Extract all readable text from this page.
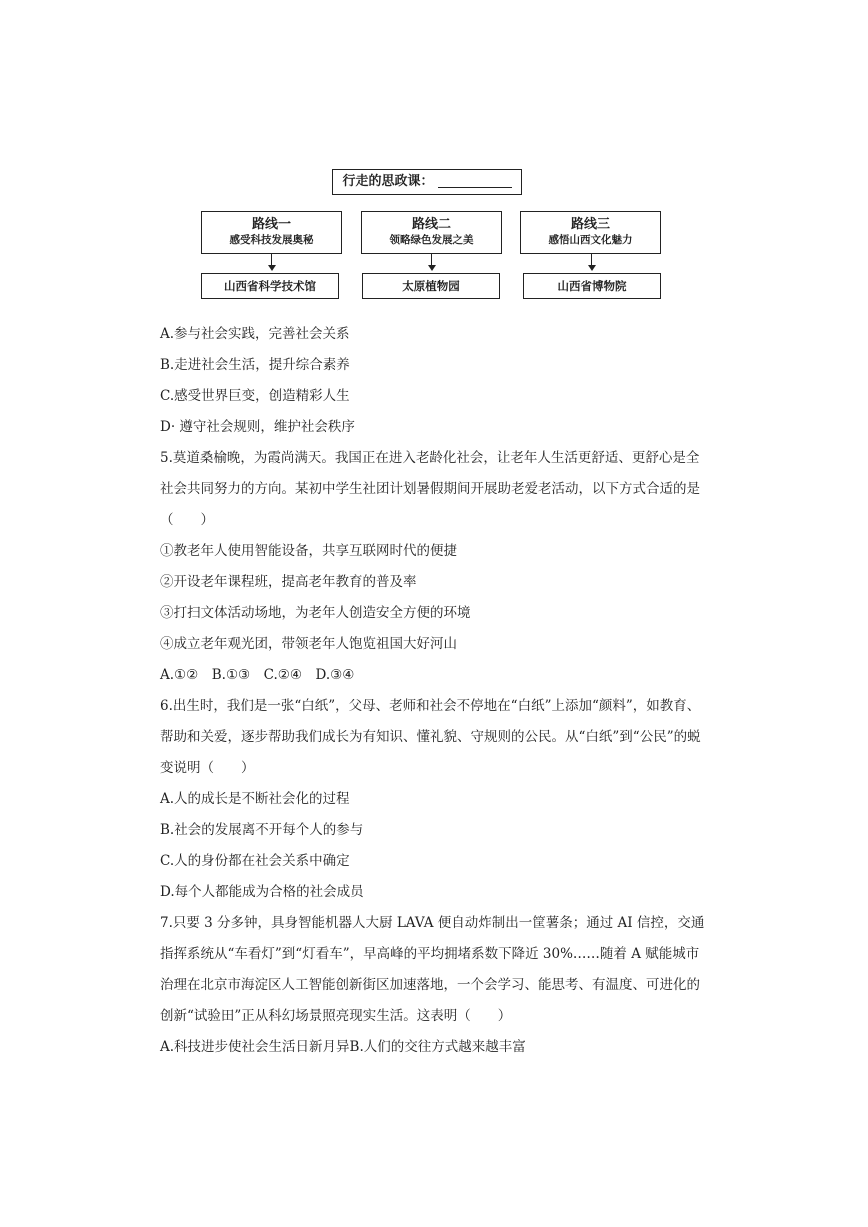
行走的思政课：
路线一
感受科技发展奥秘
路线二
领略绿色发展之美
路线三
感悟山西文化魅力
山西省科学技术馆	太原植物园	山西省博物院
A.参与社会实践，完善社会关系
B.走进社会生活，提升综合素养
C.感受世界巨变，创造精彩人生
D· 遵守社会规则，维护社会秩序
5.莫道桑榆晚，为霞尚满天。我国正在进入老龄化社会，让老年人生活更舒适、更舒心是全
社会共同努力的方向。某初中学生社团计划暑假期间开展助老爱老活动，以下方式合适的是
（　　）
①教老年人使用智能设备，共享互联网时代的便捷
②开设老年课程班，提高老年教育的普及率
③打扫文体活动场地，为老年人创造安全方便的环境
④成立老年观光团，带领老年人饱览祖国大好河山
A.①②　B.①③　C.②④　D.③④
6.出生时，我们是一张“白纸”，父母、老师和社会不停地在“白纸”上添加“颜料”，如教育、
帮助和关爱，逐步帮助我们成长为有知识、懂礼貌、守规则的公民。从“白纸”到“公民”的蜕
变说明（　　）
A.人的成长是不断社会化的过程
B.社会的发展离不开每个人的参与
C.人的身份都在社会关系中确定
D.每个人都能成为合格的社会成员
7.只要 3 分多钟，具身智能机器人大厨 LAVA 便自动炸制出一筐薯条；通过 AI 信控，交通
指挥系统从“车看灯”到“灯看车”，早高峰的平均拥堵系数下降近 30%……随着 A 赋能城市
治理在北京市海淀区人工智能创新街区加速落地，一个会学习、能思考、有温度、可进化的
创新“试验田”正从科幻场景照亮现实生活。这表明（　　）
A.科技进步使社会生活日新月异B.人们的交往方式越来越丰富
